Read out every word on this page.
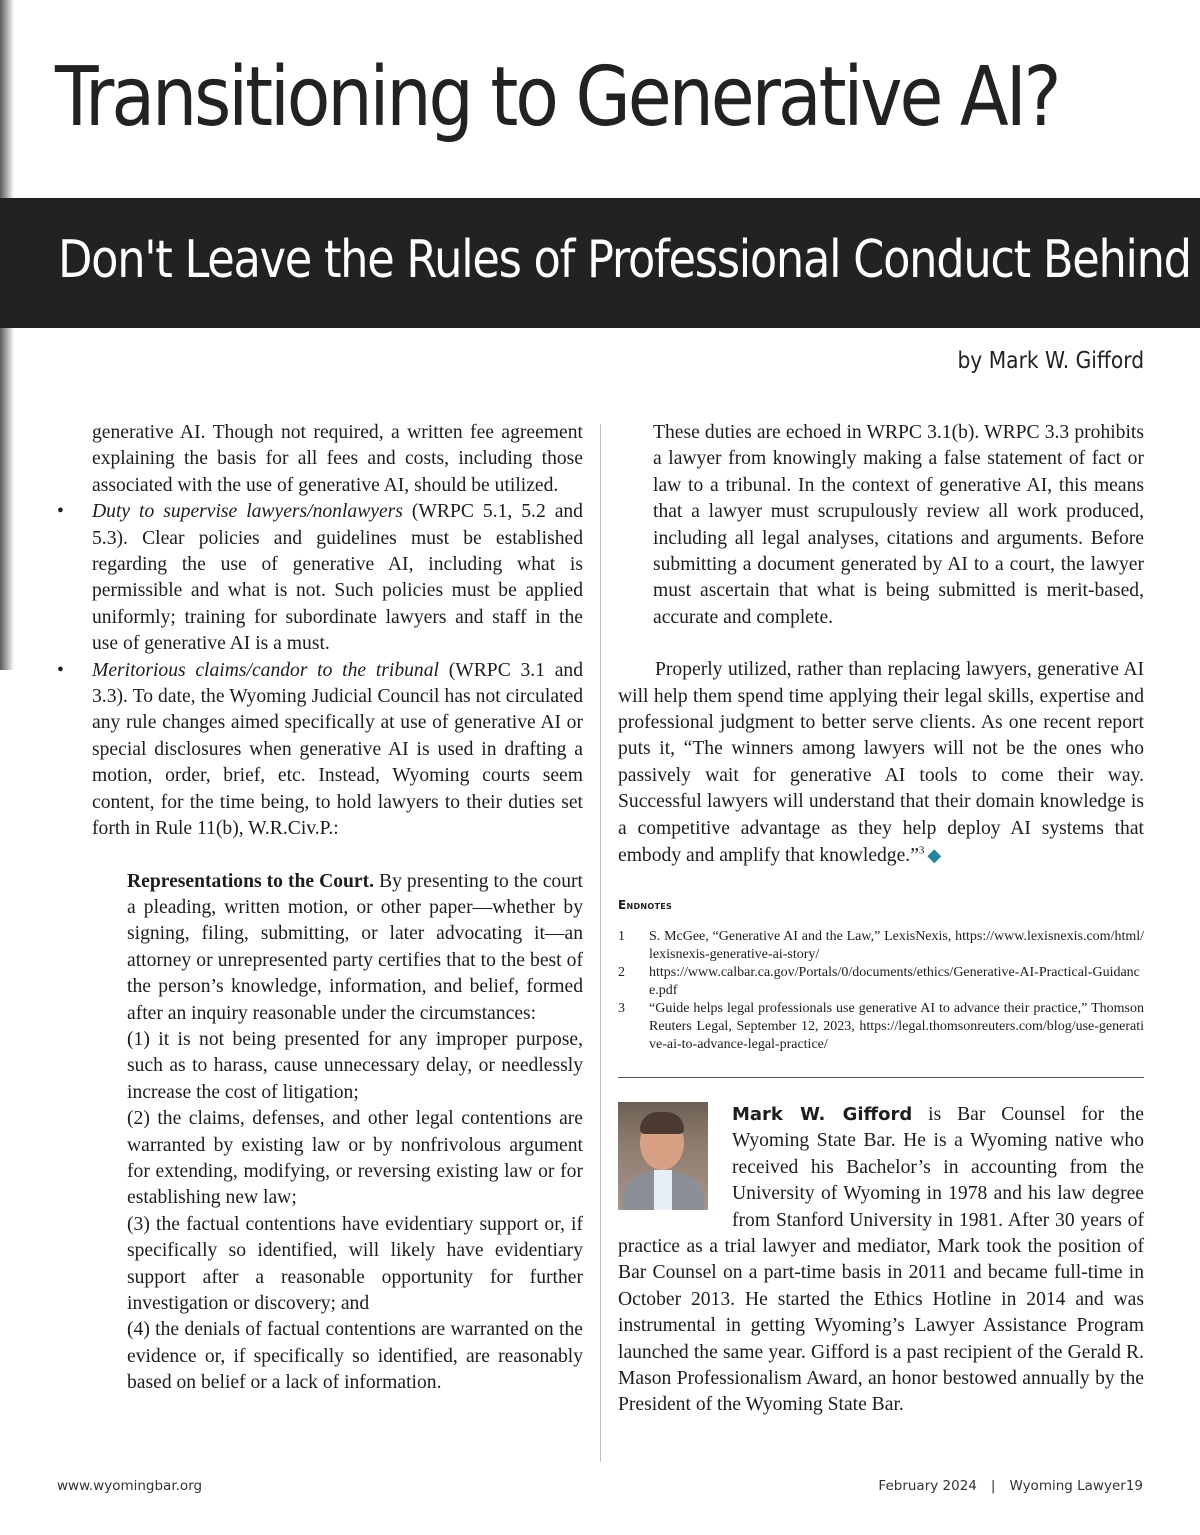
Transitioning to Generative AI?
Don't Leave the Rules of Professional Conduct Behind
by Mark W. Gifford

generative AI. Though not required, a written fee agreement explaining the basis for all fees and costs, including those associated with the use of generative AI, should be utilized.

• Duty to supervise lawyers/nonlawyers (WRPC 5.1, 5.2 and 5.3). Clear policies and guidelines must be established regarding the use of generative AI, including what is permissible and what is not. Such policies must be applied uniformly; training for subordinate lawyers and staff in the use of generative AI is a must.
• Meritorious claims/candor to the tribunal (WRPC 3.1 and 3.3). To date, the Wyoming Judicial Council has not circulated any rule changes aimed specifically at use of generative AI or special disclosures when generative AI is used in drafting a motion, order, brief, etc. Instead, Wyoming courts seem content, for the time being, to hold lawyers to their duties set forth in Rule 11(b), W.R.Civ.P.:

Representations to the Court. By presenting to the court a pleading, written motion, or other paper—whether by signing, filing, submitting, or later advocating it—an attorney or unrepresented party certifies that to the best of the person’s knowledge, information, and belief, formed after an inquiry reasonable under the circumstances:

(1) it is not being presented for any improper purpose, such as to harass, cause unnecessary delay, or needlessly increase the cost of litigation;

(2) the claims, defenses, and other legal contentions are warranted by existing law or by nonfrivolous argument for extending, modifying, or reversing existing law or for establishing new law;

(3) the factual contentions have evidentiary support or, if specifically so identified, will likely have evidentiary support after a reasonable opportunity for further investigation or discovery; and

(4) the denials of factual contentions are warranted on the evidence or, if specifically so identified, are reasonably based on belief or a lack of information.

These duties are echoed in WRPC 3.1(b). WRPC 3.3 prohibits a lawyer from knowingly making a false statement of fact or law to a tribunal. In the context of generative AI, this means that a lawyer must scrupulously review all work produced, including all legal analyses, citations and arguments. Before submitting a document generated by AI to a court, the lawyer must ascertain that what is being submitted is merit-based, accurate and complete.

Properly utilized, rather than replacing lawyers, generative AI will help them spend time applying their legal skills, expertise and professional judgment to better serve clients. As one recent report puts it, “The winners among lawyers will not be the ones who passively wait for generative AI tools to come their way. Successful lawyers will understand that their domain knowledge is a competitive advantage as they help deploy AI systems that embody and amplify that knowledge.”$^3$ ◆

Endnotes
1	S. McGee, “Generative AI and the Law,” LexisNexis, https://www.lexisnexis.com/html/lexisnexis-generative-ai-story/
2	https://www.calbar.ca.gov/Portals/0/documents/ethics/Generative-AI-Practical-Guidance.pdf
3	“Guide helps legal professionals use generative AI to advance their practice,” Thomson Reuters Legal, September 12, 2023, https://legal.thomsonreuters.com/blog/use-generative-ai-to-advance-legal-practice/
Mark W. Gifford is Bar Counsel for the Wyoming State Bar. He is a Wyoming native who received his Bachelor’s in accounting from the University of Wyoming in 1978 and his law degree from Stanford University in 1981. After 30 years of practice as a trial lawyer and mediator, Mark took the position of Bar Counsel on a part-time basis in 2011 and became full-time in October 2013. He started the Ethics Hotline in 2014 and was instrumental in getting Wyoming’s Lawyer Assistance Program launched the same year. Gifford is a past recipient of the Gerald R. Mason Professionalism Award, an honor bestowed annually by the President of the Wyoming State Bar.
www.wyomingbar.org	February 2024 | Wyoming Lawyer19
